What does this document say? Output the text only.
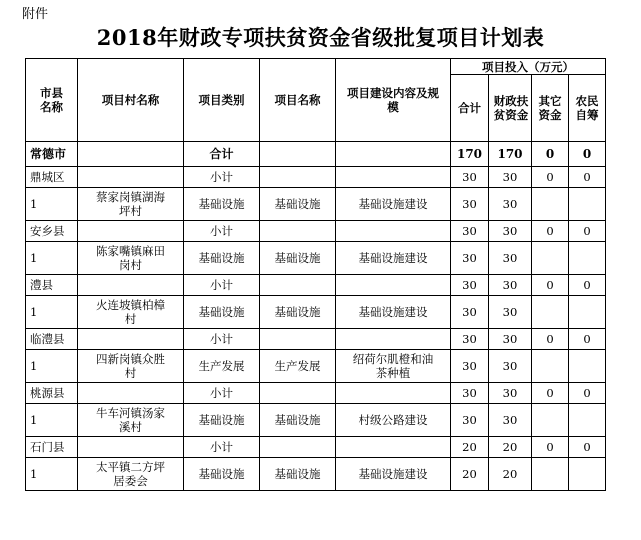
附件
2018年财政专项扶贫资金省级批复项目计划表
市县名称	项目村名称	项目类别	项目名称	项目建设内容及规模	项目投入（万元）			
					合计	财政扶贫资金	其它资金	农民自筹
常德市		合计			170	170	0	0
鼎城区		小计			30	30	0	0
1	蔡家岗镇湖海坪村	基础设施	基础设施	基础设施建设	30	30		
安乡县		小计			30	30	0	0
1	陈家嘴镇麻田岗村	基础设施	基础设施	基础设施建设	30	30		
澧县		小计			30	30	0	0
1	火连坡镇柏樟村	基础设施	基础设施	基础设施建设	30	30		
临澧县		小计			30	30	0	0
1	四新岗镇众胜村	生产发展	生产发展	绍荷尔肌橙和油茶种植	30	30		
桃源县		小计			30	30	0	0
1	牛车河镇汤家溪村	基础设施	基础设施	村级公路建设	30	30		
石门县		小计			20	20	0	0
1	太平镇二方坪居委会	基础设施	基础设施	基础设施建设	20	20		
